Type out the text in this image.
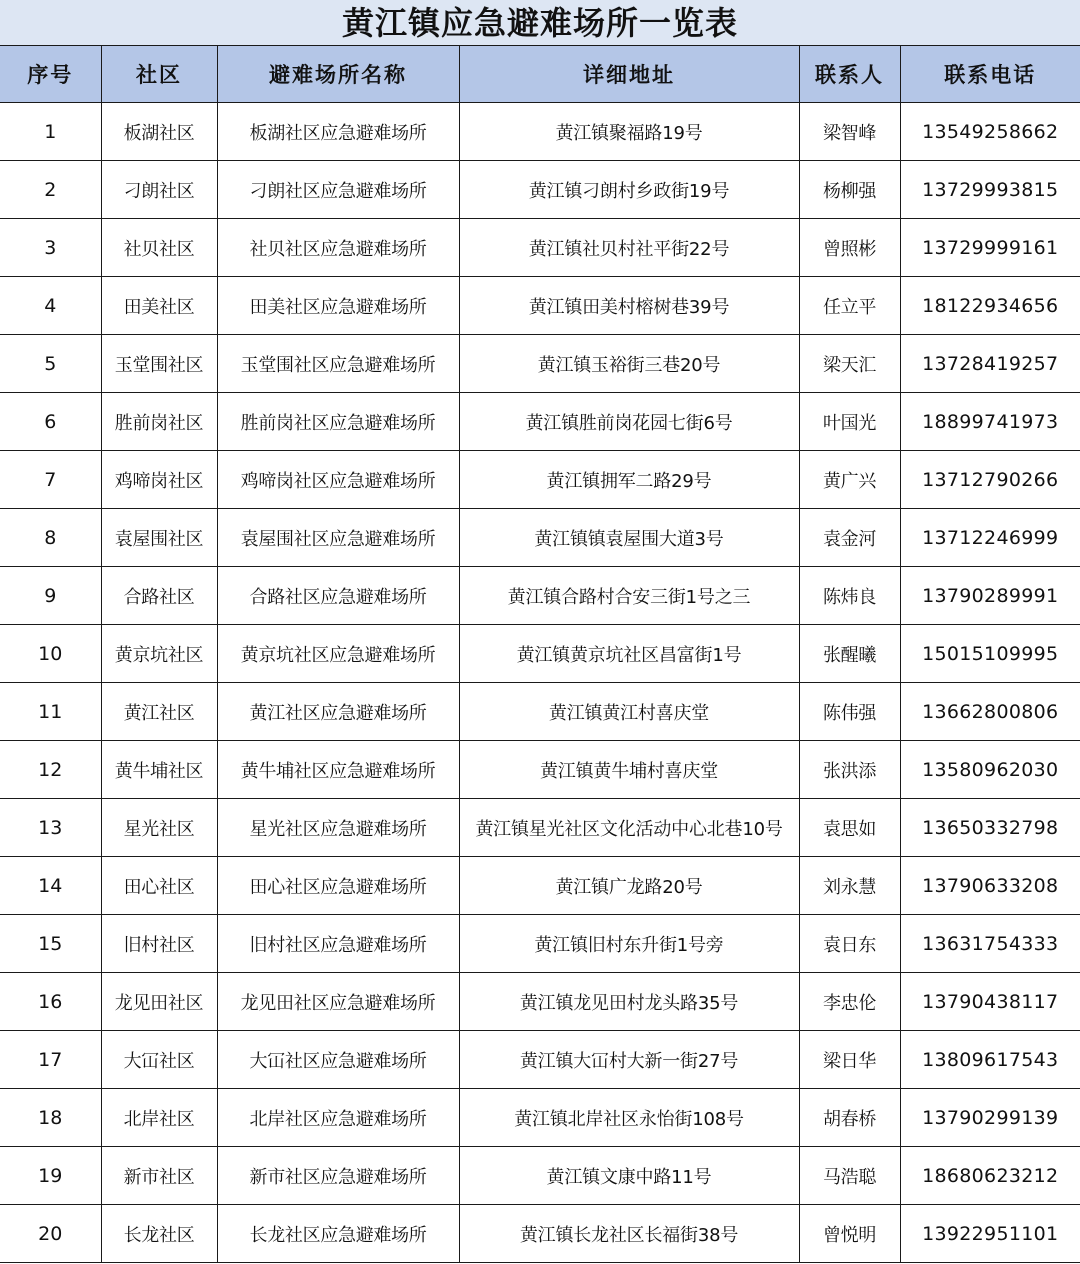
黄江镇应急避难场所一览表
序号	社区	避难场所名称	详细地址	联系人	联系电话
1	板湖社区	板湖社区应急避难场所	黄江镇聚福路19号	梁智峰	13549258662
2	刁朗社区	刁朗社区应急避难场所	黄江镇刁朗村乡政街19号	杨柳强	13729993815
3	社贝社区	社贝社区应急避难场所	黄江镇社贝村社平街22号	曾照彬	13729999161
4	田美社区	田美社区应急避难场所	黄江镇田美村榕树巷39号	任立平	18122934656
5	玉堂围社区	玉堂围社区应急避难场所	黄江镇玉裕街三巷20号	梁天汇	13728419257
6	胜前岗社区	胜前岗社区应急避难场所	黄江镇胜前岗花园七街6号	叶国光	18899741973
7	鸡啼岗社区	鸡啼岗社区应急避难场所	黄江镇拥军二路29号	黄广兴	13712790266
8	袁屋围社区	袁屋围社区应急避难场所	黄江镇镇袁屋围大道3号	袁金河	13712246999
9	合路社区	合路社区应急避难场所	黄江镇合路村合安三街1号之三	陈炜良	13790289991
10	黄京坑社区	黄京坑社区应急避难场所	黄江镇黄京坑社区昌富街1号	张醒曦	15015109995
11	黄江社区	黄江社区应急避难场所	黄江镇黄江村喜庆堂	陈伟强	13662800806
12	黄牛埔社区	黄牛埔社区应急避难场所	黄江镇黄牛埔村喜庆堂	张洪添	13580962030
13	星光社区	星光社区应急避难场所	黄江镇星光社区文化活动中心北巷10号	袁思如	13650332798
14	田心社区	田心社区应急避难场所	黄江镇广龙路20号	刘永慧	13790633208
15	旧村社区	旧村社区应急避难场所	黄江镇旧村东升街1号旁	袁日东	13631754333
16	龙见田社区	龙见田社区应急避难场所	黄江镇龙见田村龙头路35号	李忠伦	13790438117
17	大冚社区	大冚社区应急避难场所	黄江镇大冚村大新一街27号	梁日华	13809617543
18	北岸社区	北岸社区应急避难场所	黄江镇北岸社区永怡街108号	胡春桥	13790299139
19	新市社区	新市社区应急避难场所	黄江镇文康中路11号	马浩聪	18680623212
20	长龙社区	长龙社区应急避难场所	黄江镇长龙社区长福街38号	曾悦明	13922951101
